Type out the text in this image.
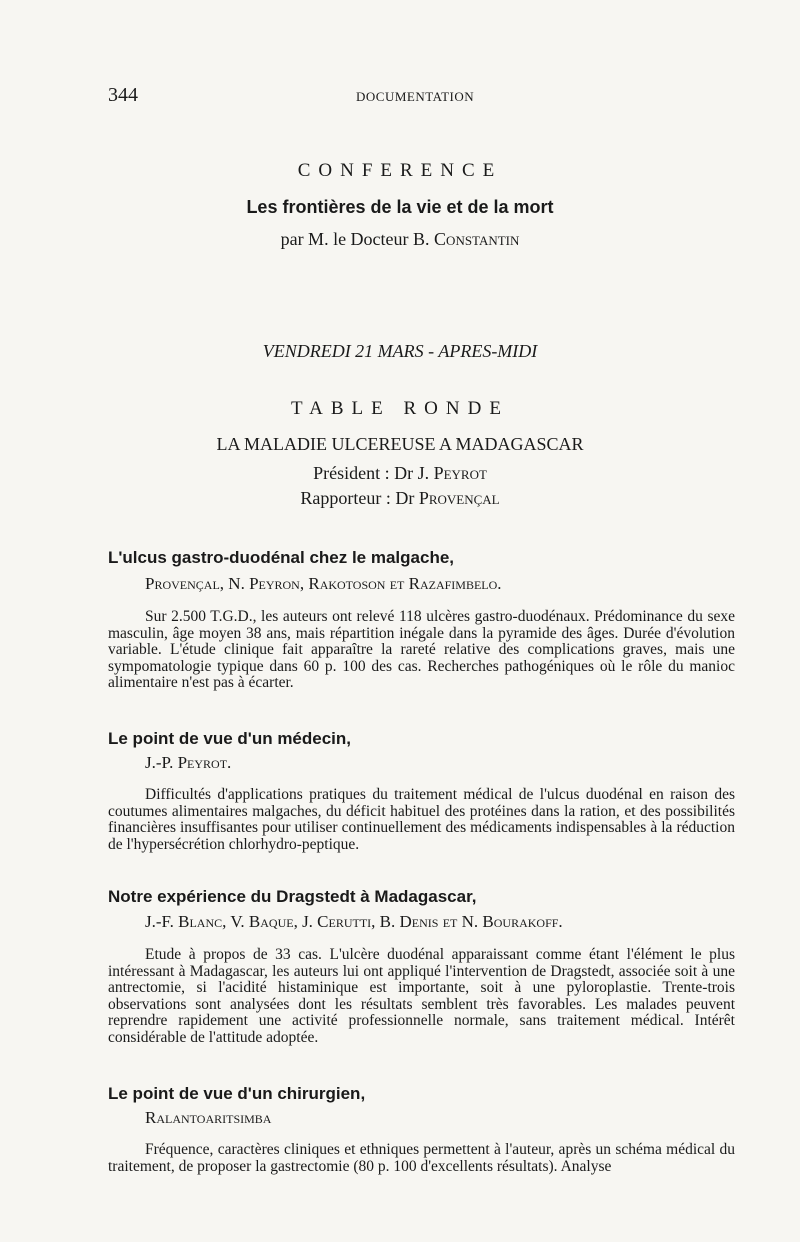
344	DOCUMENTATION
CONFERENCE
Les frontières de la vie et de la mort
par M. le Docteur B. Constantin
VENDREDI 21 MARS - APRES-MIDI
TABLE RONDE
LA MALADIE ULCEREUSE A MADAGASCAR
Président : Dr J. Peyrot
Rapporteur : Dr Provençal
L'ulcus gastro-duodénal chez le malgache,
Provençal, N. Peyron, Rakotoson et Razafimbelo.

Sur 2.500 T.G.D., les auteurs ont relevé 118 ulcères gastro-duodénaux. Prédominance du sexe masculin, âge moyen 38 ans, mais répartition inégale dans la pyramide des âges. Durée d'évolution variable. L'étude clinique fait apparaître la rareté relative des complications graves, mais une sympomatologie typique dans 60 p. 100 des cas. Recherches pathogéniques où le rôle du manioc alimentaire n'est pas à écarter.

Le point de vue d'un médecin,
J.-P. Peyrot.

Difficultés d'applications pratiques du traitement médical de l'ulcus duodénal en raison des coutumes alimentaires malgaches, du déficit habituel des protéines dans la ration, et des possibilités financières insuffisantes pour utiliser continuellement des médicaments indispensables à la réduction de l'hypersécrétion chlorhydro-peptique.

Notre expérience du Dragstedt à Madagascar,
J.-F. Blanc, V. Baque, J. Cerutti, B. Denis et N. Bourakoff.

Etude à propos de 33 cas. L'ulcère duodénal apparaissant comme étant l'élément le plus intéressant à Madagascar, les auteurs lui ont appliqué l'intervention de Dragstedt, associée soit à une antrectomie, si l'acidité histaminique est importante, soit à une pyloroplastie. Trente-trois observations sont analysées dont les résultats semblent très favorables. Les malades peuvent reprendre rapidement une activité professionnelle normale, sans traitement médical. Intérêt considérable de l'attitude adoptée.

Le point de vue d'un chirurgien,
Ralantoaritsimba

Fréquence, caractères cliniques et ethniques permettent à l'auteur, après un schéma médical du traitement, de proposer la gastrectomie (80 p. 100 d'excellents résultats). Analyse
